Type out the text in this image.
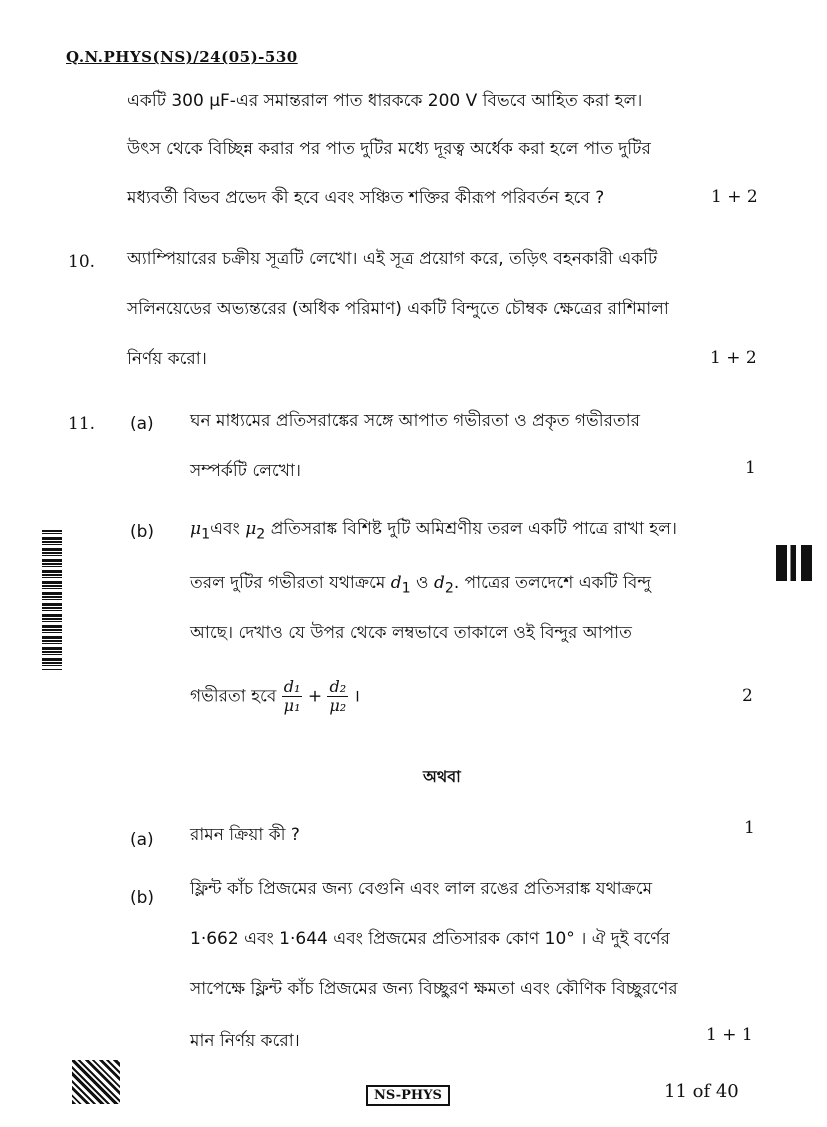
Q.N.PHYS(NS)/24(05)-530
একটি 300 μF-এর সমান্তরাল পাত ধারককে 200 V বিভবে আহিত করা হল।
উৎস থেকে বিচ্ছিন্ন করার পর পাত দুটির মধ্যে দূরত্ব অর্ধেক করা হলে পাত দুটির
মধ্যবর্তী বিভব প্রভেদ কী হবে এবং সঞ্চিত শক্তির কীরূপ পরিবর্তন হবে ?	1 + 2
10. অ্যাম্পিয়ারের চক্রীয় সূত্রটি লেখো। এই সূত্র প্রয়োগ করে, তড়িৎ বহনকারী একটি
সলিনয়েডের অভ্যন্তরের (অধিক পরিমাণ) একটি বিন্দুতে চৌম্বক ক্ষেত্রের রাশিমালা
নির্ণয় করো।	1 + 2
11. (a) ঘন মাধ্যমের প্রতিসরাঙ্কের সঙ্গে আপাত গভীরতা ও প্রকৃত গভীরতার
সম্পর্কটি লেখো।	1
(b) $\mu_1এবং$ $\mu_2$ প্রতিসরাঙ্ক বিশিষ্ট দুটি অমিশ্রণীয় তরল একটি পাত্রে রাখা হল।
তরল দুটির গভীরতা যথাক্রমে $d_1$ ও $d_2$. পাত্রের তলদেশে একটি বিন্দু
আছে। দেখাও যে উপর থেকে লম্বভাবে তাকালে ওই বিন্দুর আপাত
গভীরতা হবে $\frac{\text{d₁}}{\text{μ₁}} + \frac{\text{d₂}}{\text{μ₂}}$ ।	2
অথবা
(a) রামন ক্রিয়া কী ?	1
(b) ফ্লিন্ট কাঁচ প্রিজমের জন্য বেগুনি এবং লাল রঙের প্রতিসরাঙ্ক যথাক্রমে
1·662 এবং 1·644 এবং প্রিজমের প্রতিসারক কোণ 10° । ঐ দুই বর্ণের
সাপেক্ষে ফ্লিন্ট কাঁচ প্রিজমের জন্য বিচ্ছুরণ ক্ষমতা এবং কৌণিক বিচ্ছুরণের
মান নির্ণয় করো।	1 + 1
NS-PHYS	11 of 40
